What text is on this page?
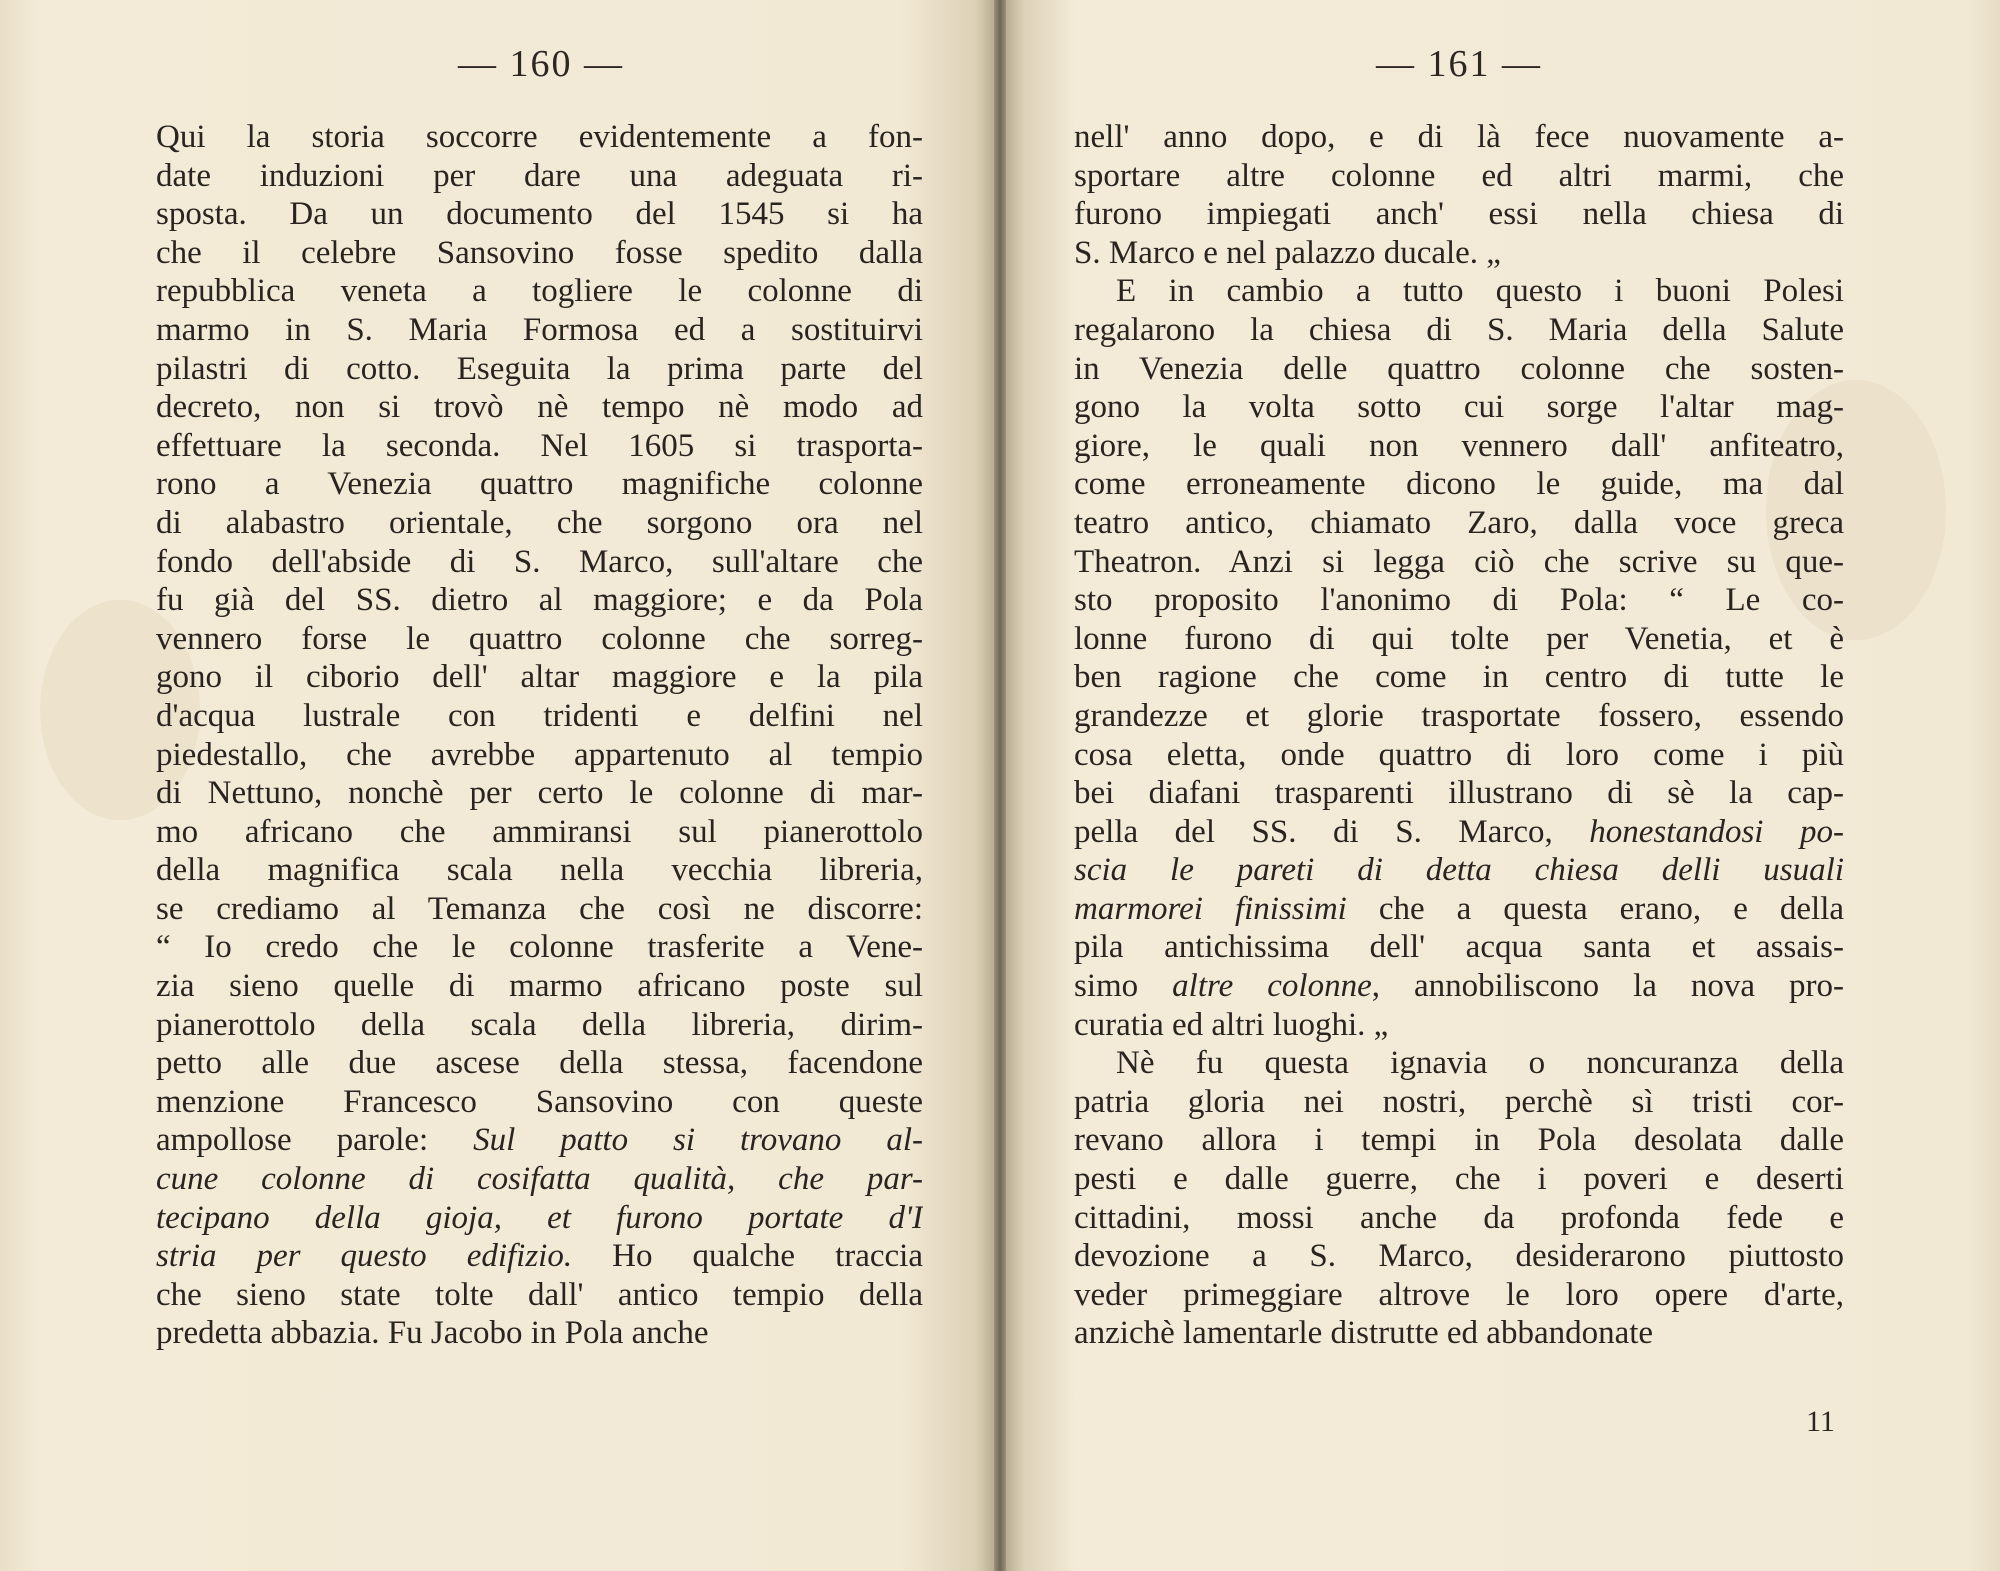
— 160 —
Qui la storia soccorre evidentemente a fon-
date induzioni per dare una adeguata ri-
sposta. Da un documento del 1545 si ha
che il celebre Sansovino fosse spedito dalla
repubblica veneta a togliere le colonne di
marmo in S. Maria Formosa ed a sostituirvi
pilastri di cotto. Eseguita la prima parte del
decreto, non si trovò nè tempo nè modo ad
effettuare la seconda. Nel 1605 si trasporta-
rono a Venezia quattro magnifiche colonne
di alabastro orientale, che sorgono ora nel
fondo dell'abside di S. Marco, sull'altare che
fu già del SS. dietro al maggiore; e da Pola
vennero forse le quattro colonne che sorreg-
gono il ciborio dell' altar maggiore e la pila
d'acqua lustrale con tridenti e delfini nel
piedestallo, che avrebbe appartenuto al tempio
di Nettuno, nonchè per certo le colonne di mar-
mo africano che ammiransi sul pianerottolo
della magnifica scala nella vecchia libreria,
se crediamo al Temanza che così ne discorre:
“ Io credo che le colonne trasferite a Vene-
zia sieno quelle di marmo africano poste sul
pianerottolo della scala della libreria, dirim-
petto alle due ascese della stessa, facendone
menzione Francesco Sansovino con queste
ampollose parole: Sul patto si trovano al-
cune colonne di cosifatta qualità, che par-
tecipano della gioja, et furono portate d'I
stria per questo edifizio. Ho qualche traccia
che sieno state tolte dall' antico tempio della
predetta abbazia. Fu Jacobo in Pola anche
— 161 —
nell' anno dopo, e di là fece nuovamente a-
sportare altre colonne ed altri marmi, che
furono impiegati anch' essi nella chiesa di
S. Marco e nel palazzo ducale. „
E in cambio a tutto questo i buoni Polesi
regalarono la chiesa di S. Maria della Salute
in Venezia delle quattro colonne che sosten-
gono la volta sotto cui sorge l'altar mag-
giore, le quali non vennero dall' anfiteatro,
come erroneamente dicono le guide, ma dal
teatro antico, chiamato Zaro, dalla voce greca
Theatron. Anzi si legga ciò che scrive su que-
sto proposito l'anonimo di Pola: “ Le co-
lonne furono di qui tolte per Venetia, et è
ben ragione che come in centro di tutte le
grandezze et glorie trasportate fossero, essendo
cosa eletta, onde quattro di loro come i più
bei diafani trasparenti illustrano di sè la cap-
pella del SS. di S. Marco, honestandosi po-
scia le pareti di detta chiesa delli usuali
marmorei finissimi che a questa erano, e della
pila antichissima dell' acqua santa et assais-
simo altre colonne, annobiliscono la nova pro-
curatia ed altri luoghi. „
Nè fu questa ignavia o noncuranza della
patria gloria nei nostri, perchè sì tristi cor-
revano allora i tempi in Pola desolata dalle
pesti e dalle guerre, che i poveri e deserti
cittadini, mossi anche da profonda fede e
devozione a S. Marco, desiderarono piuttosto
veder primeggiare altrove le loro opere d'arte,
anzichè lamentarle distrutte ed abbandonate
11
